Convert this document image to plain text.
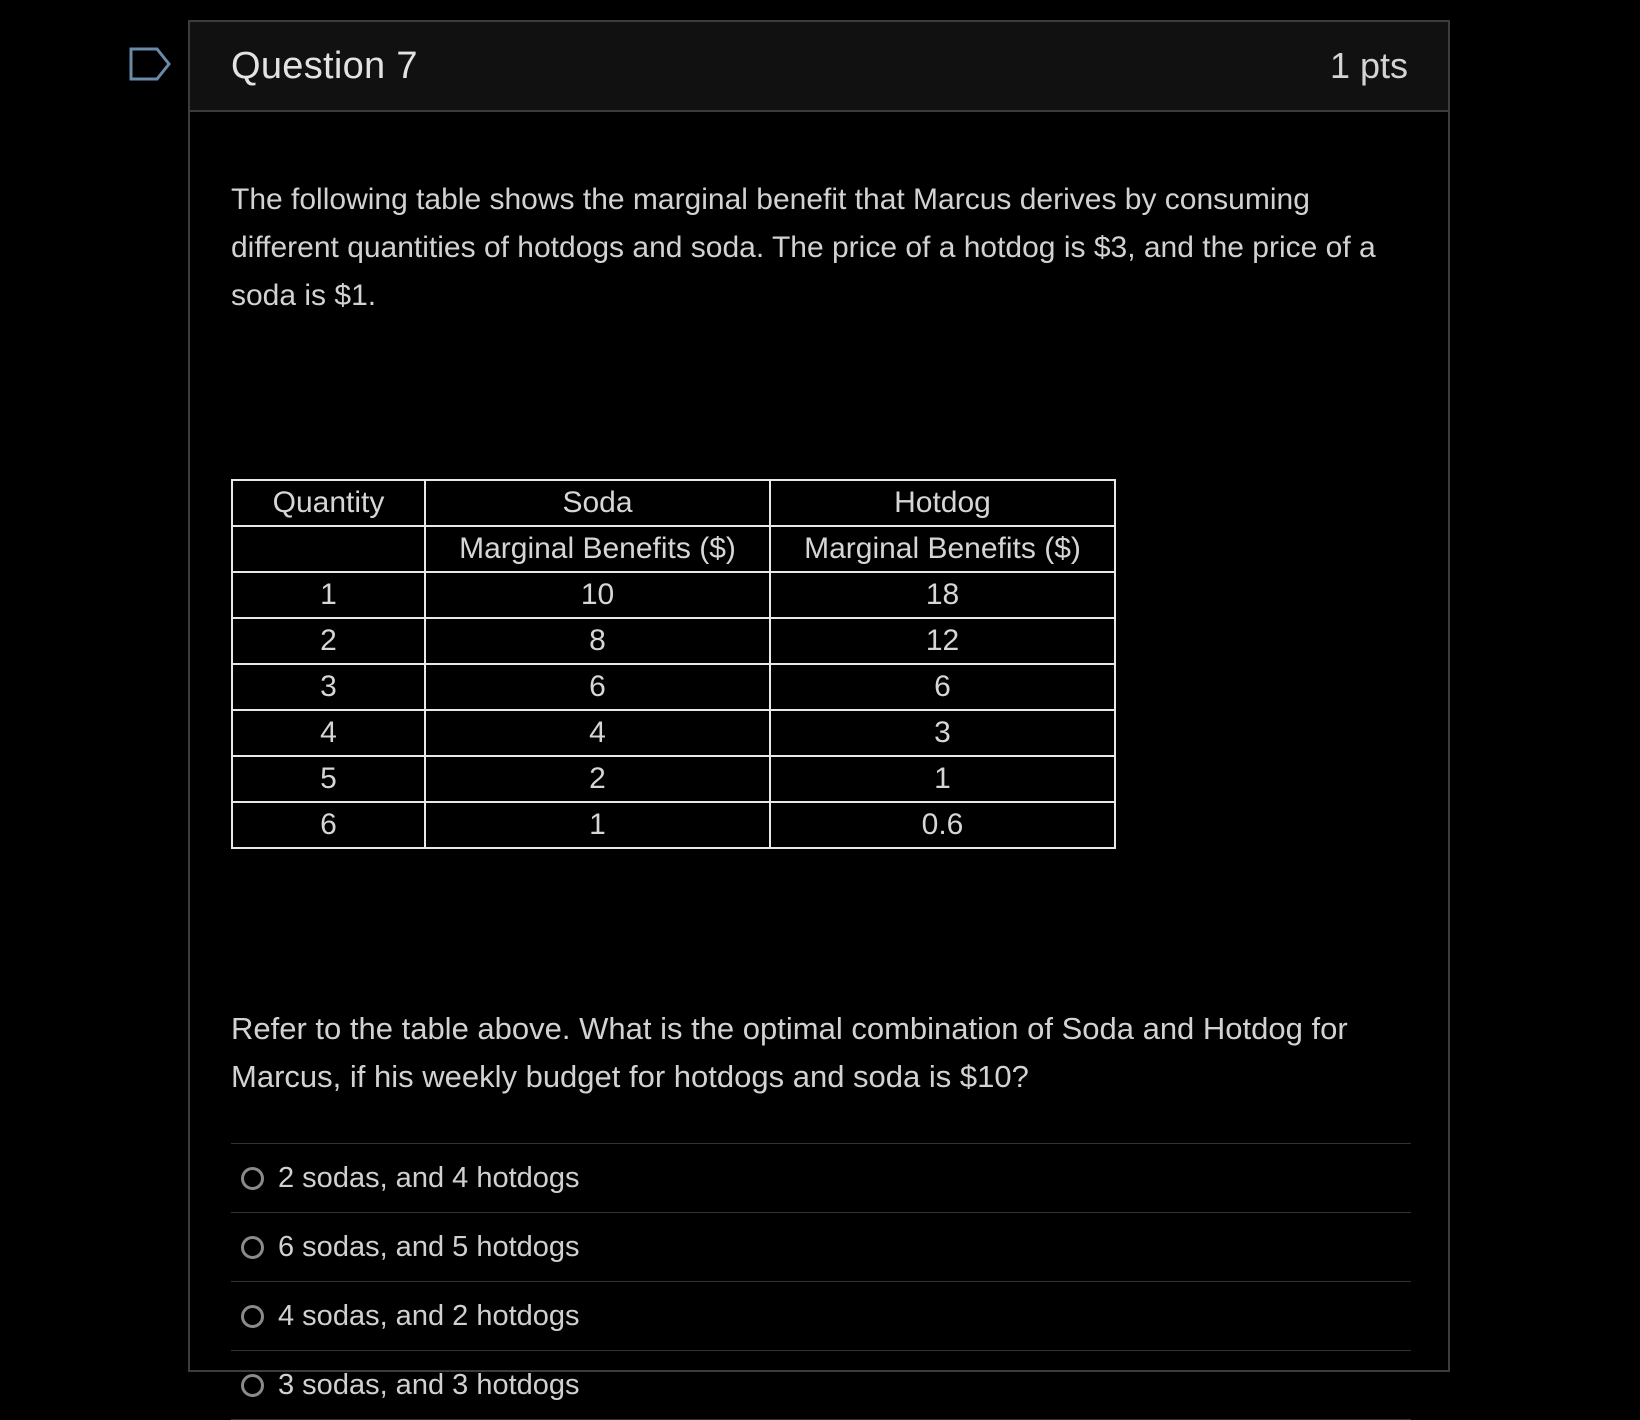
Question 7	1 pts

The following table shows the marginal benefit that Marcus derives by consuming different quantities of hotdogs and soda. The price of a hotdog is $3, and the price of a soda is $1.

Quantity	Soda	Hotdog
	Marginal Benefits ($)	Marginal Benefits ($)
1	10	18
2	8	12
3	6	6
4	4	3
5	2	1
6	1	0.6

Refer to the table above. What is the optimal combination of Soda and Hotdog for Marcus, if his weekly budget for hotdogs and soda is $10?

2 sodas, and 4 hotdogs
6 sodas, and 5 hotdogs
4 sodas, and 2 hotdogs
3 sodas, and 3 hotdogs
